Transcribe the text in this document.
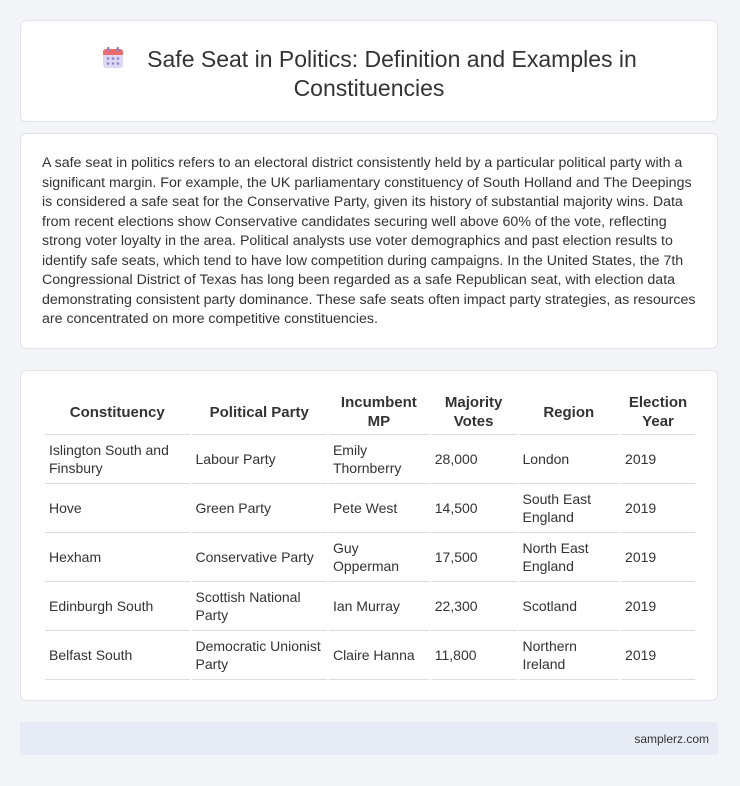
Safe Seat in Politics: Definition and Examples in
Constituencies

A safe seat in politics refers to an electoral district consistently held by a particular political party with a significant margin. For example, the UK parliamentary constituency of South Holland and The Deepings is considered a safe seat for the Conservative Party, given its history of substantial majority wins. Data from recent elections show Conservative candidates securing well above 60% of the vote, reflecting strong voter loyalty in the area. Political analysts use voter demographics and past election results to identify safe seats, which tend to have low competition during campaigns. In the United States, the 7th Congressional District of Texas has long been regarded as a safe Republican seat, with election data demonstrating consistent party dominance. These safe seats often impact party strategies, as resources are concentrated on more competitive constituencies.

Constituency	Political Party	Incumbent MP	Majority Votes	Region	Election Year
Islington South and Finsbury	Labour Party	Emily Thornberry	28,000	London	2019
Hove	Green Party	Pete West	14,500	South East England	2019
Hexham	Conservative Party	Guy Opperman	17,500	North East England	2019
Edinburgh South	Scottish National Party	Ian Murray	22,300	Scotland	2019
Belfast South	Democratic Unionist Party	Claire Hanna	11,800	Northern Ireland	2019
samplerz.com
